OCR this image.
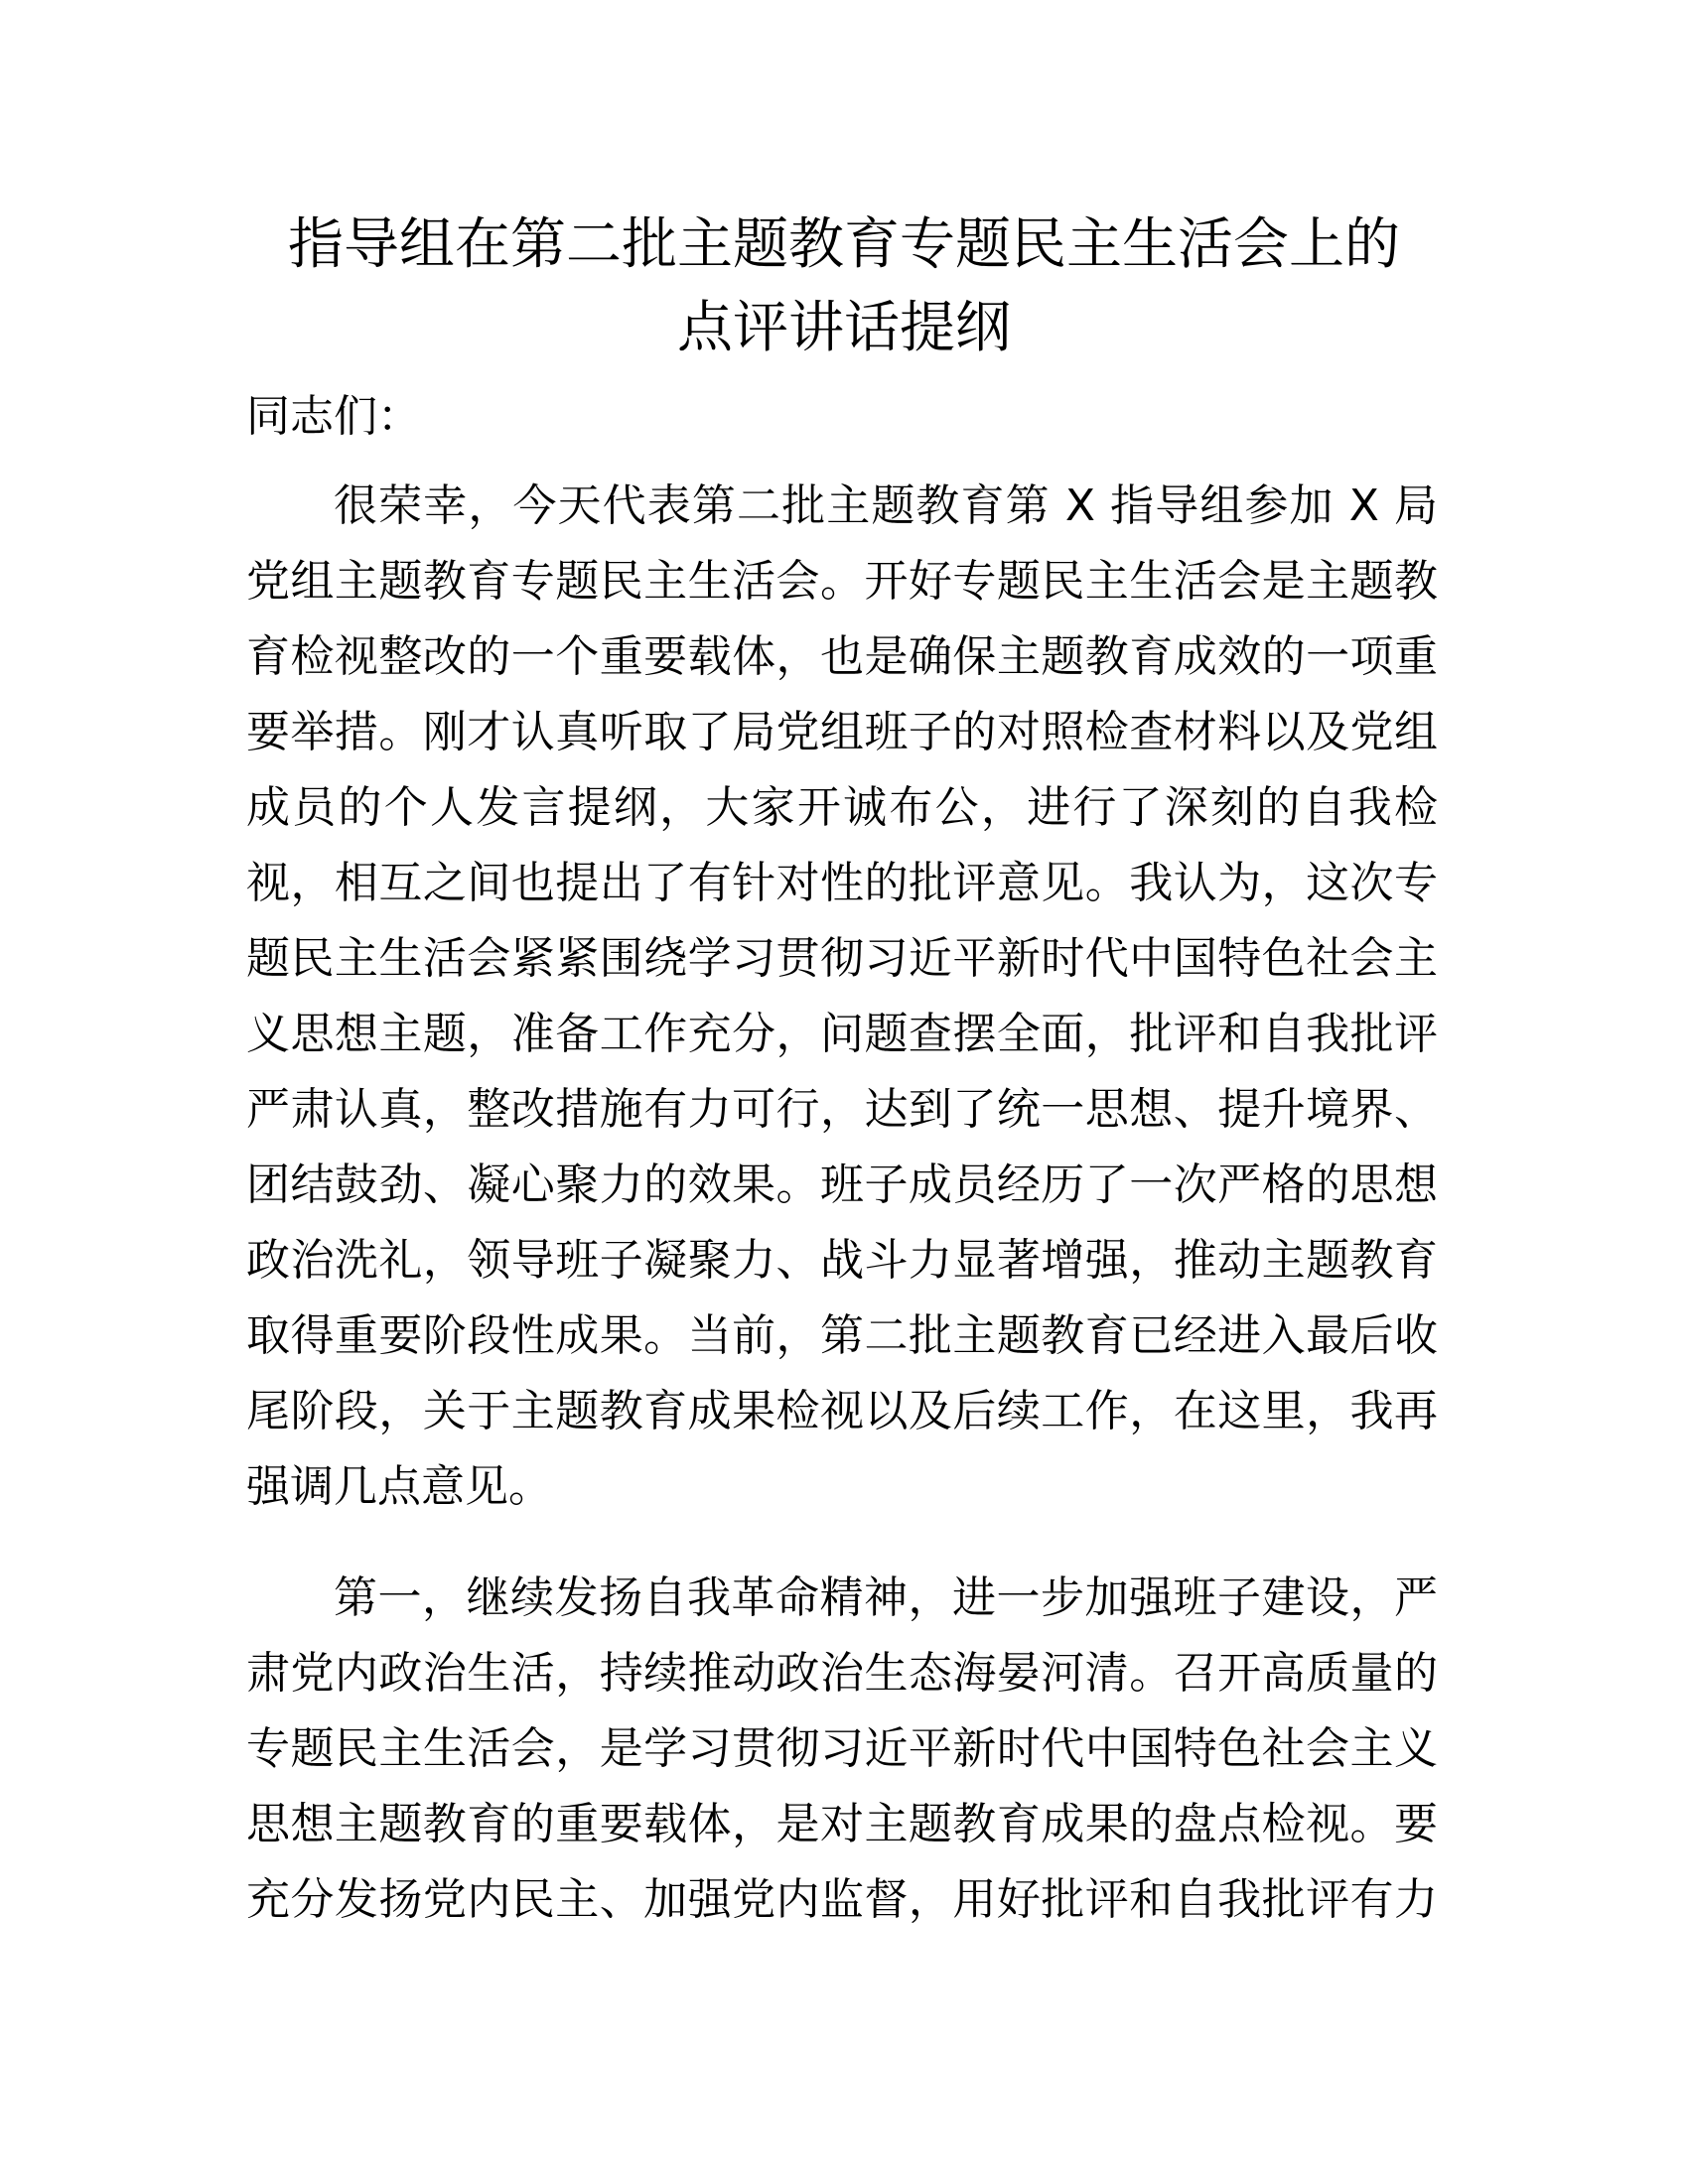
指导组在第二批主题教育专题民主生活会上的
点评讲话提纲

同志们：

很荣幸，今天代表第二批主题教育第 X 指导组参加 X 局
党组主题教育专题民主生活会。开好专题民主生活会是主题教
育检视整改的一个重要载体，也是确保主题教育成效的一项重
要举措。刚才认真听取了局党组班子的对照检查材料以及党组
成员的个人发言提纲，大家开诚布公，进行了深刻的自我检
视，相互之间也提出了有针对性的批评意见。我认为，这次专
题民主生活会紧紧围绕学习贯彻习近平新时代中国特色社会主
义思想主题，准备工作充分，问题查摆全面，批评和自我批评
严肃认真，整改措施有力可行，达到了统一思想、提升境界、
团结鼓劲、凝心聚力的效果。班子成员经历了一次严格的思想
政治洗礼，领导班子凝聚力、战斗力显著增强，推动主题教育
取得重要阶段性成果。当前，第二批主题教育已经进入最后收
尾阶段，关于主题教育成果检视以及后续工作，在这里，我再
强调几点意见。
第一，继续发扬自我革命精神，进一步加强班子建设，严
肃党内政治生活，持续推动政治生态海晏河清。召开高质量的
专题民主生活会，是学习贯彻习近平新时代中国特色社会主义
思想主题教育的重要载体，是对主题教育成果的盘点检视。要
充分发扬党内民主、加强党内监督，用好批评和自我批评有力
